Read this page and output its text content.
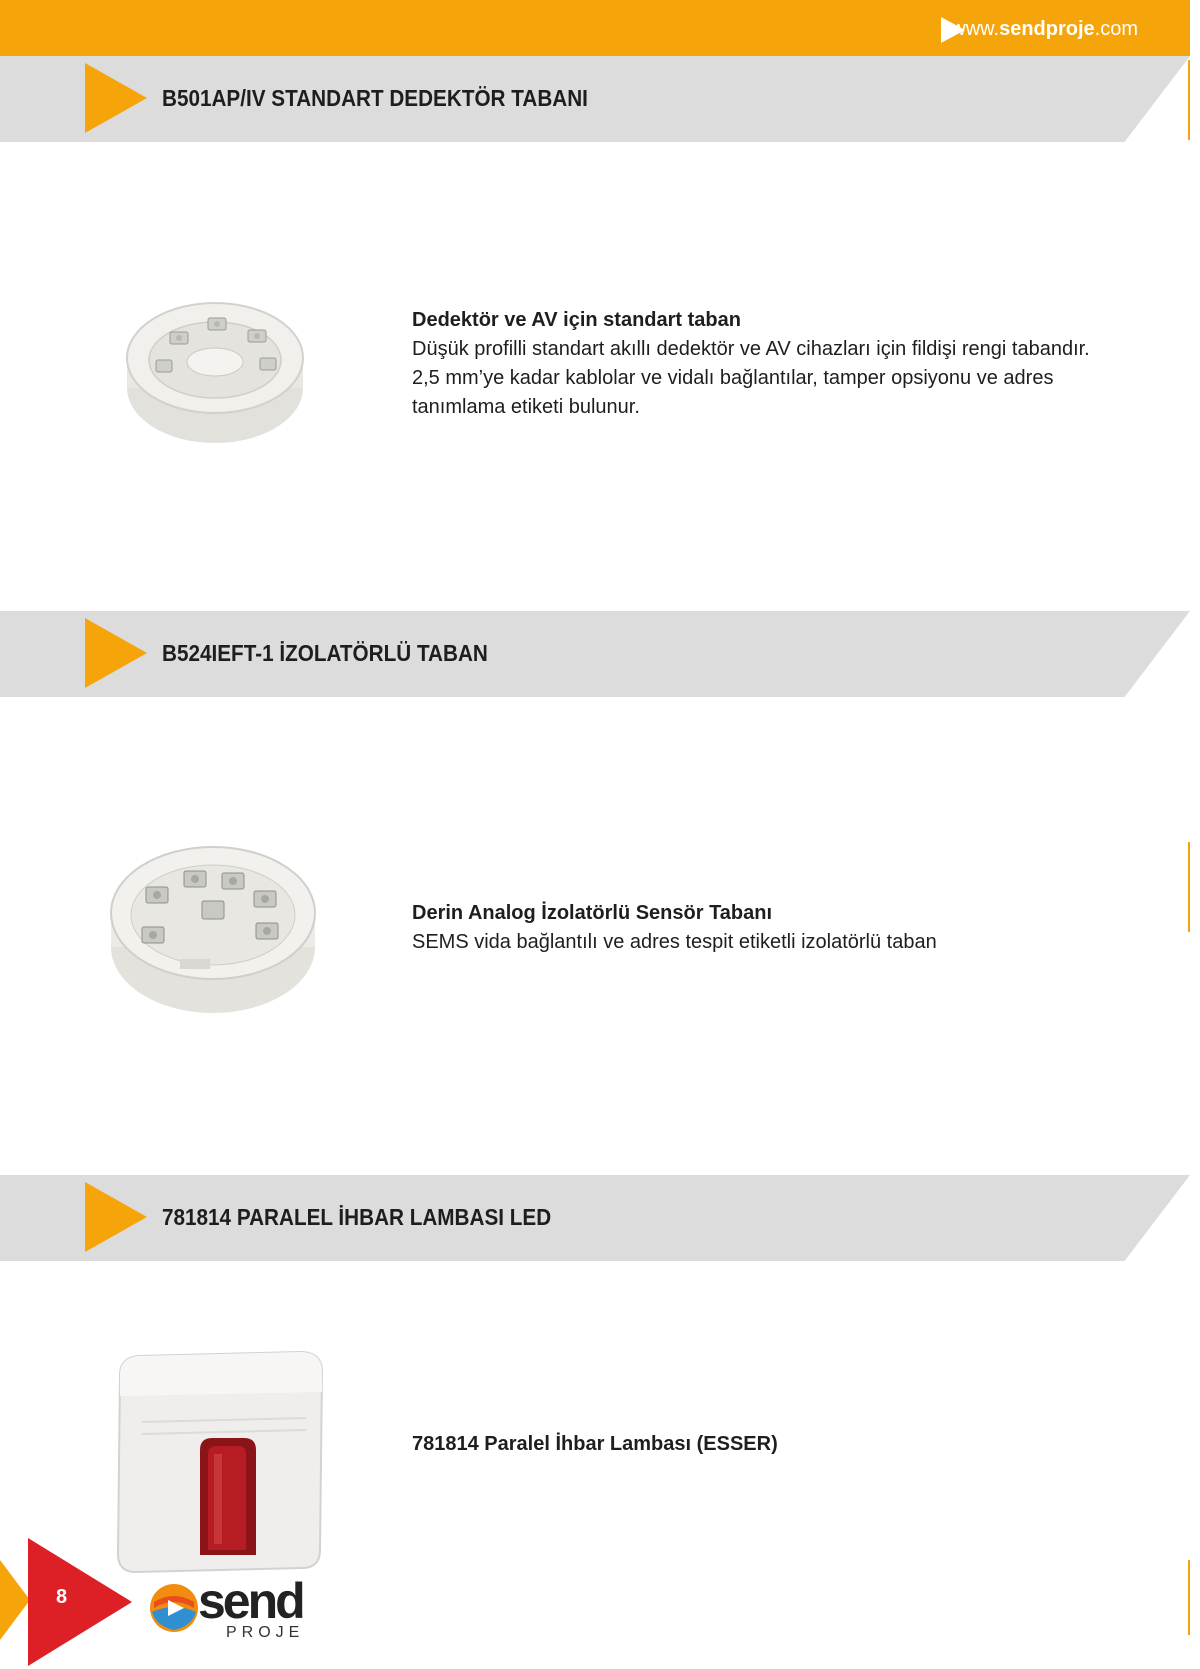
www.sendproje.com
B501AP/IV STANDART DEDEKTÖR TABANI
Dedektör ve AV için standart taban
Düşük profilli standart akıllı dedektör ve AV cihazları için fildişi rengi tabandır.
2,5 mm’ye kadar kablolar ve vidalı bağlantılar, tamper opsiyonu ve adres
tanımlama etiketi bulunur.
B524IEFT-1 İZOLATÖRLÜ TABAN
Derin Analog İzolatörlü Sensör Tabanı
SEMS vida bağlantılı ve adres tespit etiketli izolatörlü taban
781814 PARALEL İHBAR LAMBASI LED
781814 Paralel İhbar Lambası (ESSER)
8	send
PROJE
